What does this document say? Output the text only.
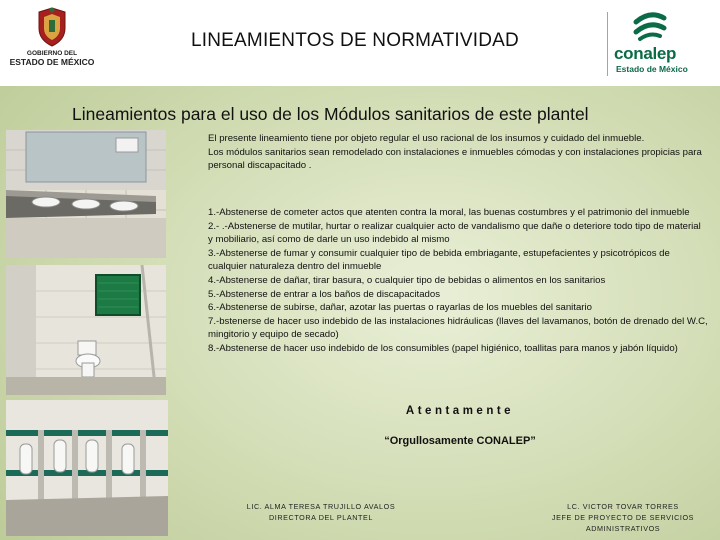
GOBIERNO DEL
ESTADO DE MÉXICO
LINEAMIENTOS DE NORMATIVIDAD
conalep
Estado de México
Lineamientos para el uso de los Módulos sanitarios de este plantel
El presente lineamiento tiene por objeto regular el uso racional de los insumos y cuidado del inmueble.
Los módulos sanitarios sean remodelado con instalaciones e inmuebles cómodas y con instalaciones propicias para personal discapacitado .
1.-Abstenerse de cometer actos que atenten contra la moral, las buenas costumbres y el patrimonio del inmueble
2.- .-Abstenerse de mutilar, hurtar o realizar cualquier acto de vandalismo que dañe o deteriore todo tipo de material y mobiliario, así como de darle un uso indebido al mismo
3.-Abstenerse de fumar y consumir cualquier tipo de bebida embriagante, estupefacientes y psicotrópicos de cualquier naturaleza dentro del inmueble
4.-Abstenerse de dañar, tirar basura, o cualquier tipo de bebidas o alimentos en los sanitarios
5.-Abstenerse de entrar a los baños de discapacitados
6.-Abstenerse de subirse, dañar, azotar las puertas o rayarlas de los muebles del sanitario
7.-bstenerse de hacer uso indebido de las instalaciones hidráulicas (llaves del lavamanos, botón de drenado del W.C, mingitorio y equipo de secado)
8.-Abstenerse de hacer uso indebido de los consumibles (papel higiénico, toallitas para manos y jabón líquido)
Atentamente
“Orgullosamente CONALEP”
LIC. ALMA TERESA TRUJILLO AVALOS
DIRECTORA DEL PLANTEL
LC. VICTOR TOVAR TORRES
JEFE DE PROYECTO DE SERVICIOS ADMINISTRATIVOS
